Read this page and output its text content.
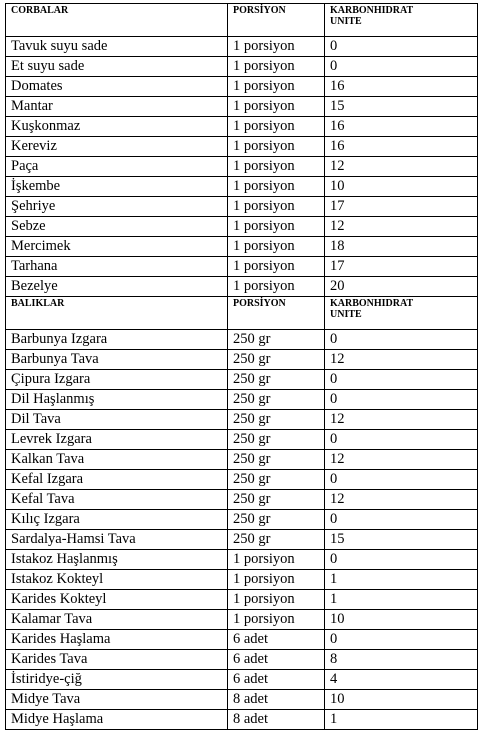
CORBALAR	PORSİYON	KARBONHIDRAT UNITE

Tavuk suyu sade	1 porsiyon	0
Et suyu sade	1 porsiyon	0
Domates	1 porsiyon	16
Mantar	1 porsiyon	15
Kuşkonmaz	1 porsiyon	16
Kereviz	1 porsiyon	16
Paça	1 porsiyon	12
İşkembe	1 porsiyon	10
Şehriye	1 porsiyon	17
Sebze	1 porsiyon	12
Mercimek	1 porsiyon	18
Tarhana	1 porsiyon	17
Bezelye	1 porsiyon	20
BALIKLAR	PORSİYON	KARBONHIDRAT UNITE

Barbunya Izgara	250 gr	0
Barbunya Tava	250 gr	12
Çipura Izgara	250 gr	0
Dil Haşlanmış	250 gr	0
Dil Tava	250 gr	12
Levrek Izgara	250 gr	0
Kalkan Tava	250 gr	12
Kefal Izgara	250 gr	0
Kefal Tava	250 gr	12
Kılıç Izgara	250 gr	0
Sardalya-Hamsi Tava	250 gr	15
Istakoz Haşlanmış	1 porsiyon	0
Istakoz Kokteyl	1 porsiyon	1
Karides Kokteyl	1 porsiyon	1
Kalamar Tava	1 porsiyon	10
Karides Haşlama	6 adet	0
Karides Tava	6 adet	8
İstiridye-çiğ	6 adet	4
Midye Tava	8 adet	10
Midye Haşlama	8 adet	1
